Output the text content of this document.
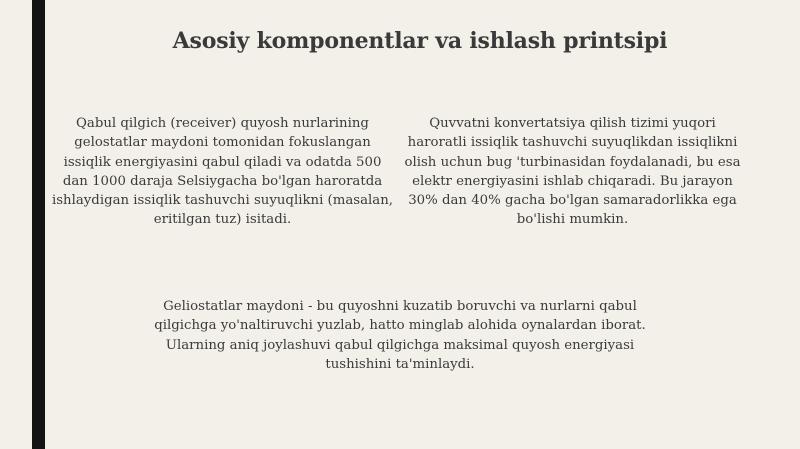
Asosiy komponentlar va ishlash printsipi

Qabul qilgich (receiver) quyosh nurlarining gelostatlar maydoni tomonidan fokuslangan issiqlik energiyasini qabul qiladi va odatda 500 dan 1000 daraja Selsiygacha bo'lgan haroratda ishlaydigan issiqlik tashuvchi suyuqlikni (masalan, eritilgan tuz) isitadi.

Quvvatni konvertatsiya qilish tizimi yuqori haroratli issiqlik tashuvchi suyuqlikdan issiqlikni olish uchun bug 'turbinasidan foydalanadi, bu esa elektr energiyasini ishlab chiqaradi. Bu jarayon 30% dan 40% gacha bo'lgan samaradorlikka ega bo'lishi mumkin.

Geliostatlar maydoni - bu quyoshni kuzatib boruvchi va nurlarni qabul qilgichga yo'naltiruvchi yuzlab, hatto minglab alohida oynalardan iborat. Ularning aniq joylashuvi qabul qilgichga maksimal quyosh energiyasi tushishini ta'minlaydi.
